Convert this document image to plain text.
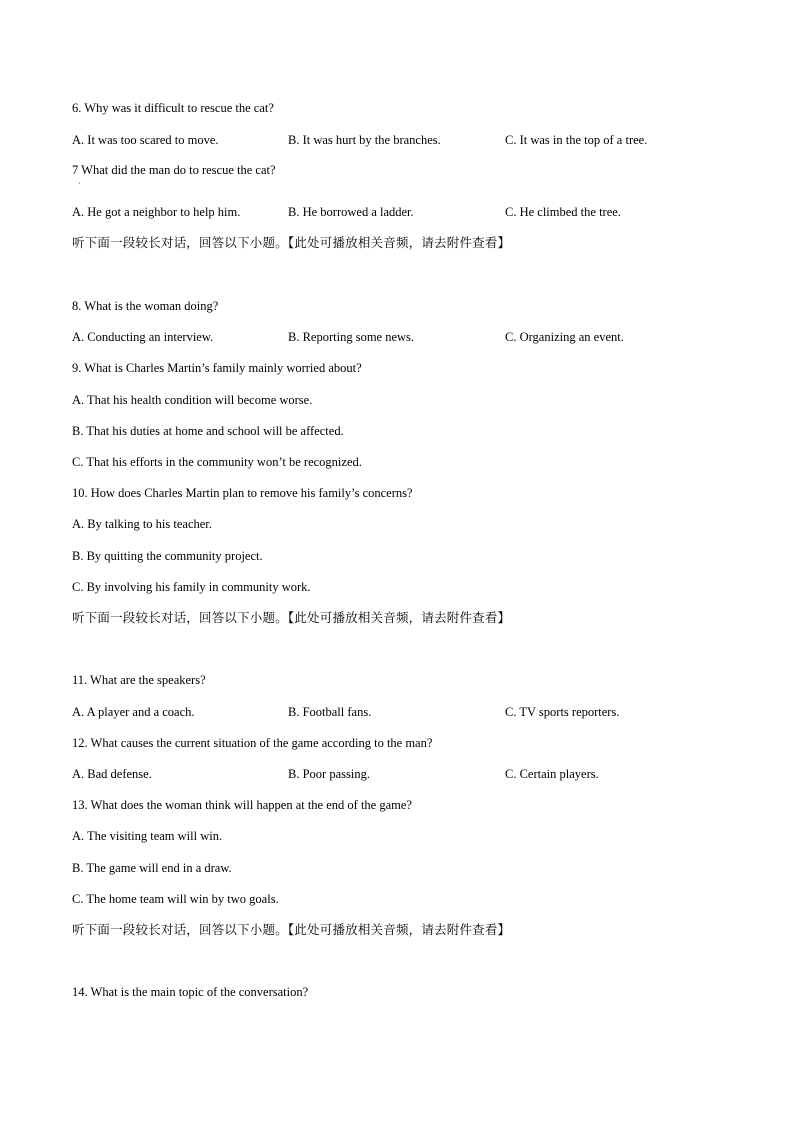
6. Why was it difficult to rescue the cat?
A. It was too scared to move.	B. It was hurt by the branches.	C. It was in the top of a tree.
7 What did the man do to rescue the cat?
·
A. He got a neighbor to help him.	B. He borrowed a ladder.	C. He climbed the tree.
听下面一段较长对话，回答以下小题。【此处可播放相关音频，请去附件查看】
8. What is the woman doing?
A. Conducting an interview.	B. Reporting some news.	C. Organizing an event.
9. What is Charles Martin’s family mainly worried about?
A. That his health condition will become worse.
B. That his duties at home and school will be affected.
C. That his efforts in the community won’t be recognized.
10. How does Charles Martin plan to remove his family’s concerns?
A. By talking to his teacher.
B. By quitting the community project.
C. By involving his family in community work.
听下面一段较长对话，回答以下小题。【此处可播放相关音频，请去附件查看】
11. What are the speakers?
A. A player and a coach.	B. Football fans.	C. TV sports reporters.
12. What causes the current situation of the game according to the man?
A. Bad defense.	B. Poor passing.	C. Certain players.
13. What does the woman think will happen at the end of the game?
A. The visiting team will win.
B. The game will end in a draw.
C. The home team will win by two goals.
听下面一段较长对话，回答以下小题。【此处可播放相关音频，请去附件查看】
14. What is the main topic of the conversation?
